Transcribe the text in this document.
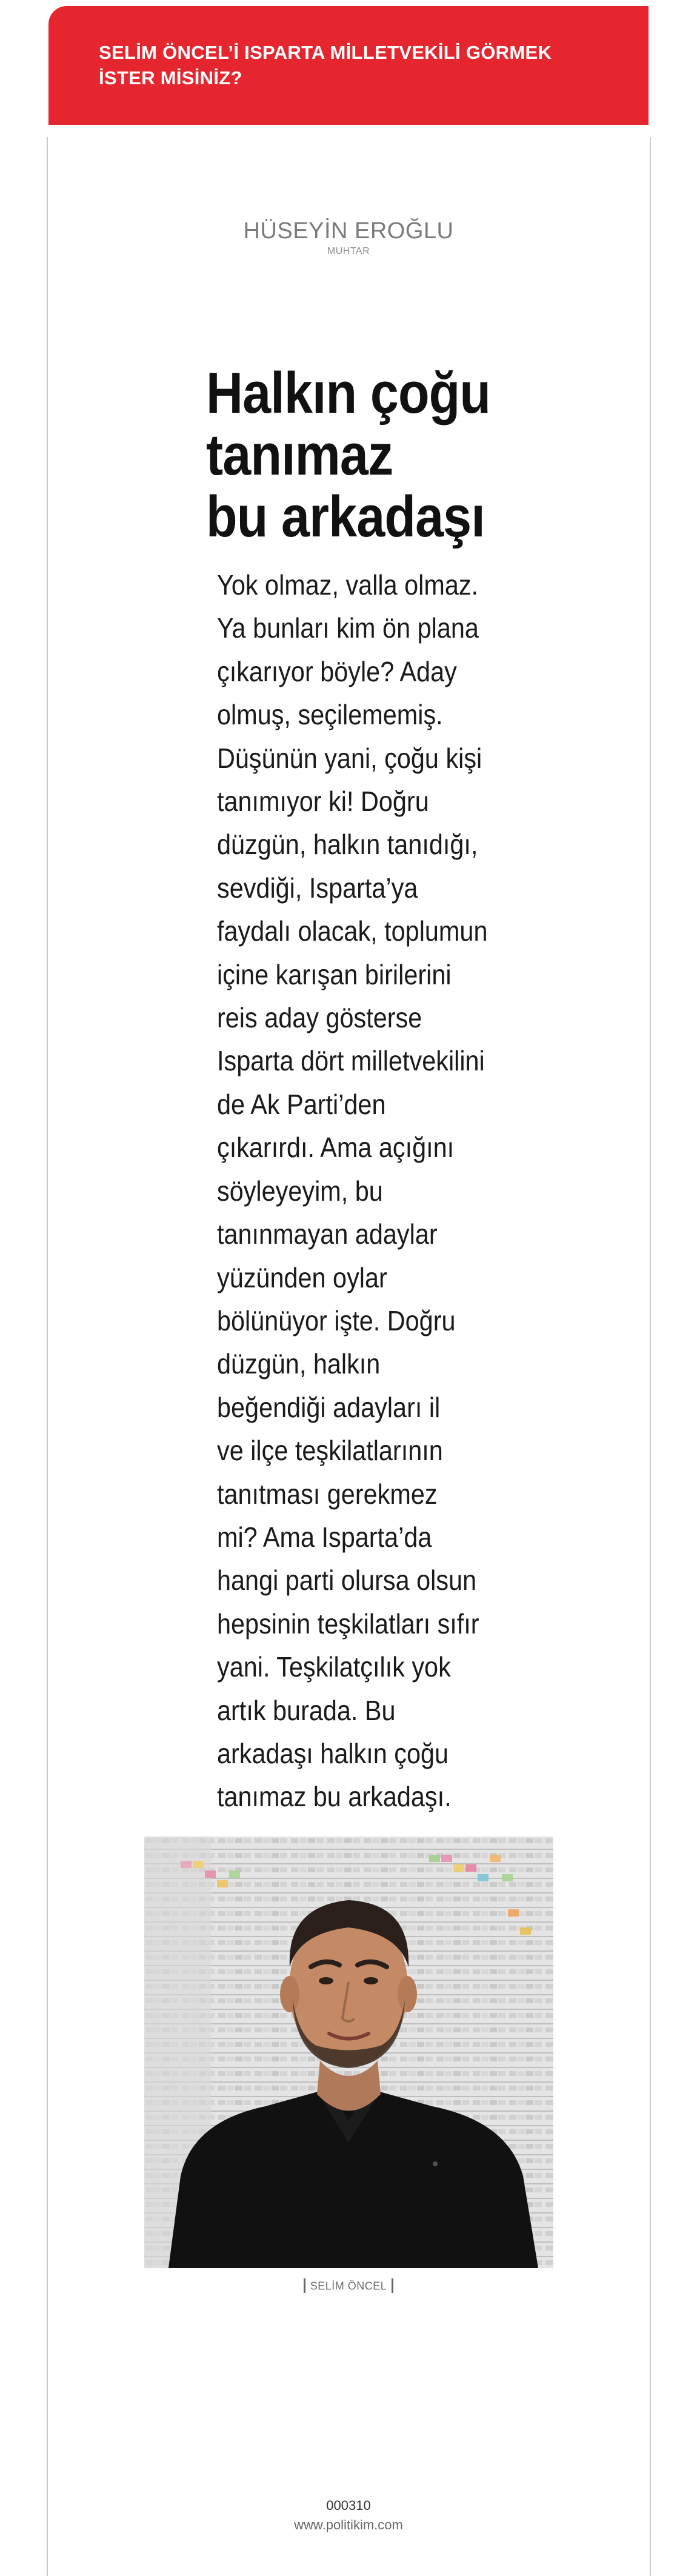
SELİM ÖNCEL’İ ISPARTA MİLLETVEKİLİ GÖRMEK
İSTER MİSİNİZ?

HÜSEYİN EROĞLU
MUHTAR
Halkın çoğu
tanımaz
bu arkadaşı
Yok olmaz, valla olmaz.
Ya bunları kim ön plana
çıkarıyor böyle? Aday
olmuş, seçilememiş.
Düşünün yani, çoğu kişi
tanımıyor ki! Doğru
düzgün, halkın tanıdığı,
sevdiği, Isparta’ya
faydalı olacak, toplumun
içine karışan birilerini
reis aday gösterse
Isparta dört milletvekilini
de Ak Parti’den
çıkarırdı. Ama açığını
söyleyeyim, bu
tanınmayan adaylar
yüzünden oylar
bölünüyor işte. Doğru
düzgün, halkın
beğendiği adayları il
ve ilçe teşkilatlarının
tanıtması gerekmez
mi? Ama Isparta’da
hangi parti olursa olsun
hepsinin teşkilatları sıfır
yani. Teşkilatçılık yok
artık burada. Bu
arkadaşı halkın çoğu
tanımaz bu arkadaşı.
SELİM ÖNCEL
000310
www.politikim.com
